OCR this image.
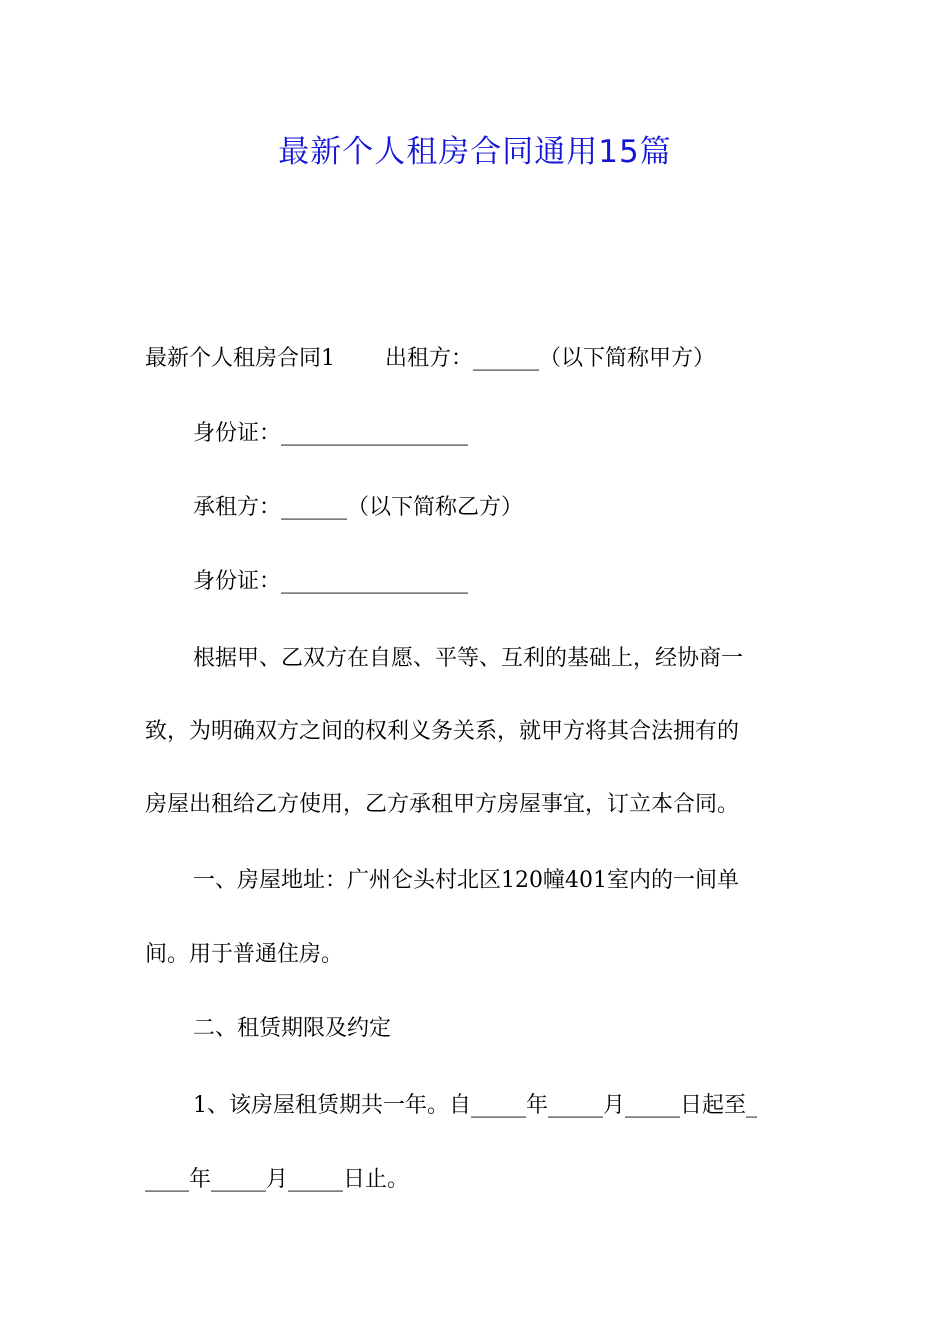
最新个人租房合同通用15篇
最新个人租房合同1 出租方：______（以下简称甲方）
身份证：_________________
承租方：______（以下简称乙方）
身份证：_________________
根据甲、乙双方在自愿、平等、互利的基础上，经协商一
致，为明确双方之间的权利义务关系，就甲方将其合法拥有的
房屋出租给乙方使用，乙方承租甲方房屋事宜，订立本合同。
一、房屋地址：广州仑头村北区120幢401室内的一间单
间。用于普通住房。
二、租赁期限及约定
1、该房屋租赁期共一年。自_____年_____月_____日起至_
____年_____月_____日止。
